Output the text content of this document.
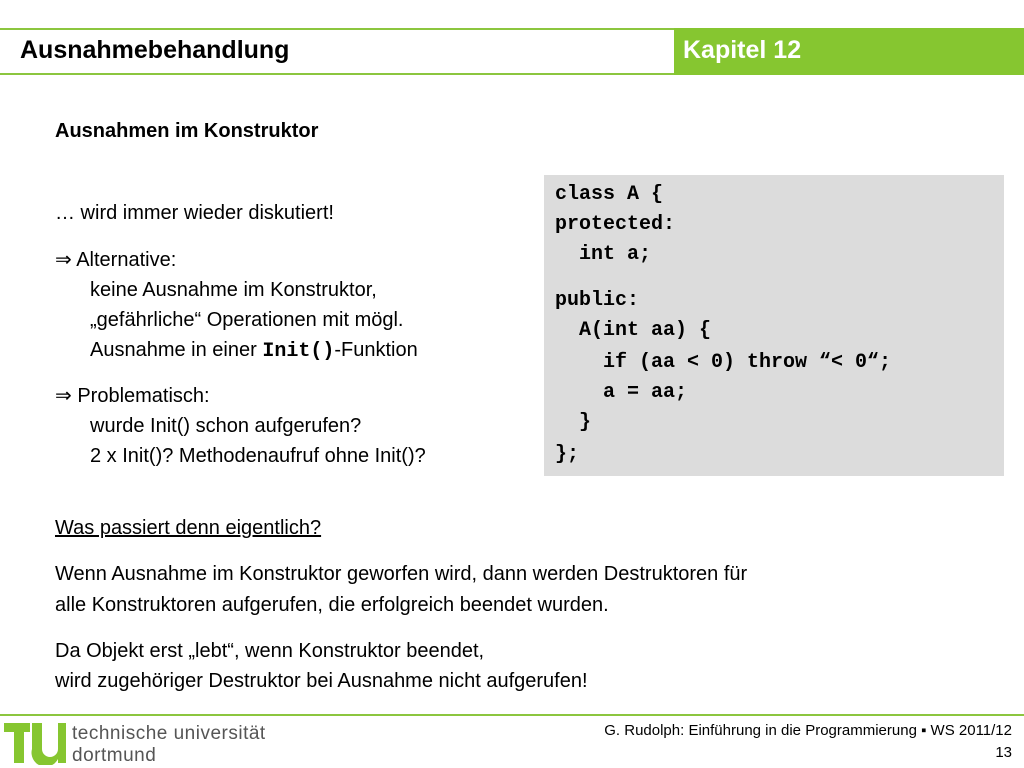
Ausnahmebehandlung	Kapitel 12
Ausnahmen im Konstruktor
… wird immer wieder diskutiert!
⇒ Alternative:
keine Ausnahme im Konstruktor,
„gefährliche“ Operationen mit mögl.
Ausnahme in einer Init()-Funktion
⇒ Problematisch:
wurde Init() schon aufgerufen?
2 x Init()? Methodenaufruf ohne Init()?
class A {
protected:
int a;
public:
A(int aa) {
if (aa < 0) throw “< 0“;
a = aa;
}
};
Was passiert denn eigentlich?
Wenn Ausnahme im Konstruktor geworfen wird, dann werden Destruktoren für
alle Konstruktoren aufgerufen, die erfolgreich beendet wurden.
Da Objekt erst „lebt“, wenn Konstruktor beendet,
wird zugehöriger Destruktor bei Ausnahme nicht aufgerufen!
technische universität
dortmund
G. Rudolph: Einführung in die Programmierung ▪ WS 2011/12
13
